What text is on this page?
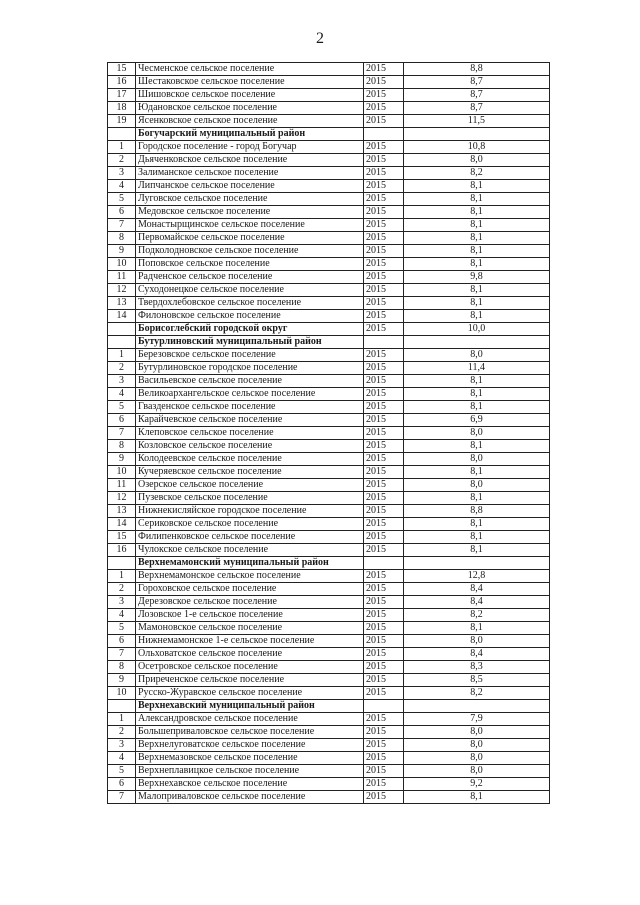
2
15	Чесменское сельское поселение	2015	8,8
16	Шестаковское сельское поселение	2015	8,7
17	Шишовское сельское поселение	2015	8,7
18	Юдановское сельское поселение	2015	8,7
19	Ясенковское сельское поселение	2015	11,5
	Богучарский муниципальный район		
1	Городское поселение - город Богучар	2015	10,8
2	Дьяченковское сельское поселение	2015	8,0
3	Залиманское сельское поселение	2015	8,2
4	Липчанское сельское поселение	2015	8,1
5	Луговское сельское поселение	2015	8,1
6	Медовское сельское поселение	2015	8,1
7	Монастырщинское сельское поселение	2015	8,1
8	Первомайское сельское поселение	2015	8,1
9	Подколодновское сельское поселение	2015	8,1
10	Поповское сельское поселение	2015	8,1
11	Радченское сельское поселение	2015	9,8
12	Суходонецкое сельское поселение	2015	8,1
13	Твердохлебовское сельское поселение	2015	8,1
14	Филоновское сельское поселение	2015	8,1
	Борисоглебский городской округ	2015	10,0
	Бутурлиновский муниципальный район		
1	Березовское сельское поселение	2015	8,0
2	Бутурлиновское городское поселение	2015	11,4
3	Васильевское сельское поселение	2015	8,1
4	Великоархангельское сельское поселение	2015	8,1
5	Гвазденское сельское поселение	2015	8,1
6	Карайчевское сельское поселение	2015	6,9
7	Клеповское сельское поселение	2015	8,0
8	Козловское сельское поселение	2015	8,1
9	Колодеевское сельское поселение	2015	8,0
10	Кучеряевское сельское поселение	2015	8,1
11	Озерское сельское поселение	2015	8,0
12	Пузевское сельское поселение	2015	8,1
13	Нижнекисляйское городское поселение	2015	8,8
14	Сериковское сельское поселение	2015	8,1
15	Филипенковское сельское поселение	2015	8,1
16	Чулокское сельское поселение	2015	8,1
	Верхнемамонский муниципальный район		
1	Верхнемамонское сельское поселение	2015	12,8
2	Гороховское сельское поселение	2015	8,4
3	Дерезовское сельское поселение	2015	8,4
4	Лозовское 1-е сельское поселение	2015	8,2
5	Мамоновское сельское поселение	2015	8,1
6	Нижнемамонское 1-е сельское поселение	2015	8,0
7	Ольховатское сельское поселение	2015	8,4
8	Осетровское сельское поселение	2015	8,3
9	Приреченское сельское поселение	2015	8,5
10	Русско-Журавское сельское поселение	2015	8,2
	Верхнехавский муниципальный район		
1	Александровское сельское поселение	2015	7,9
2	Большеприваловское сельское поселение	2015	8,0
3	Верхнелуговатское сельское поселение	2015	8,0
4	Верхнемазовское сельское поселение	2015	8,0
5	Верхнеплавицкое сельское поселение	2015	8,0
6	Верхнехавское сельское поселение	2015	9,2
7	Малоприваловское сельское поселение	2015	8,1
